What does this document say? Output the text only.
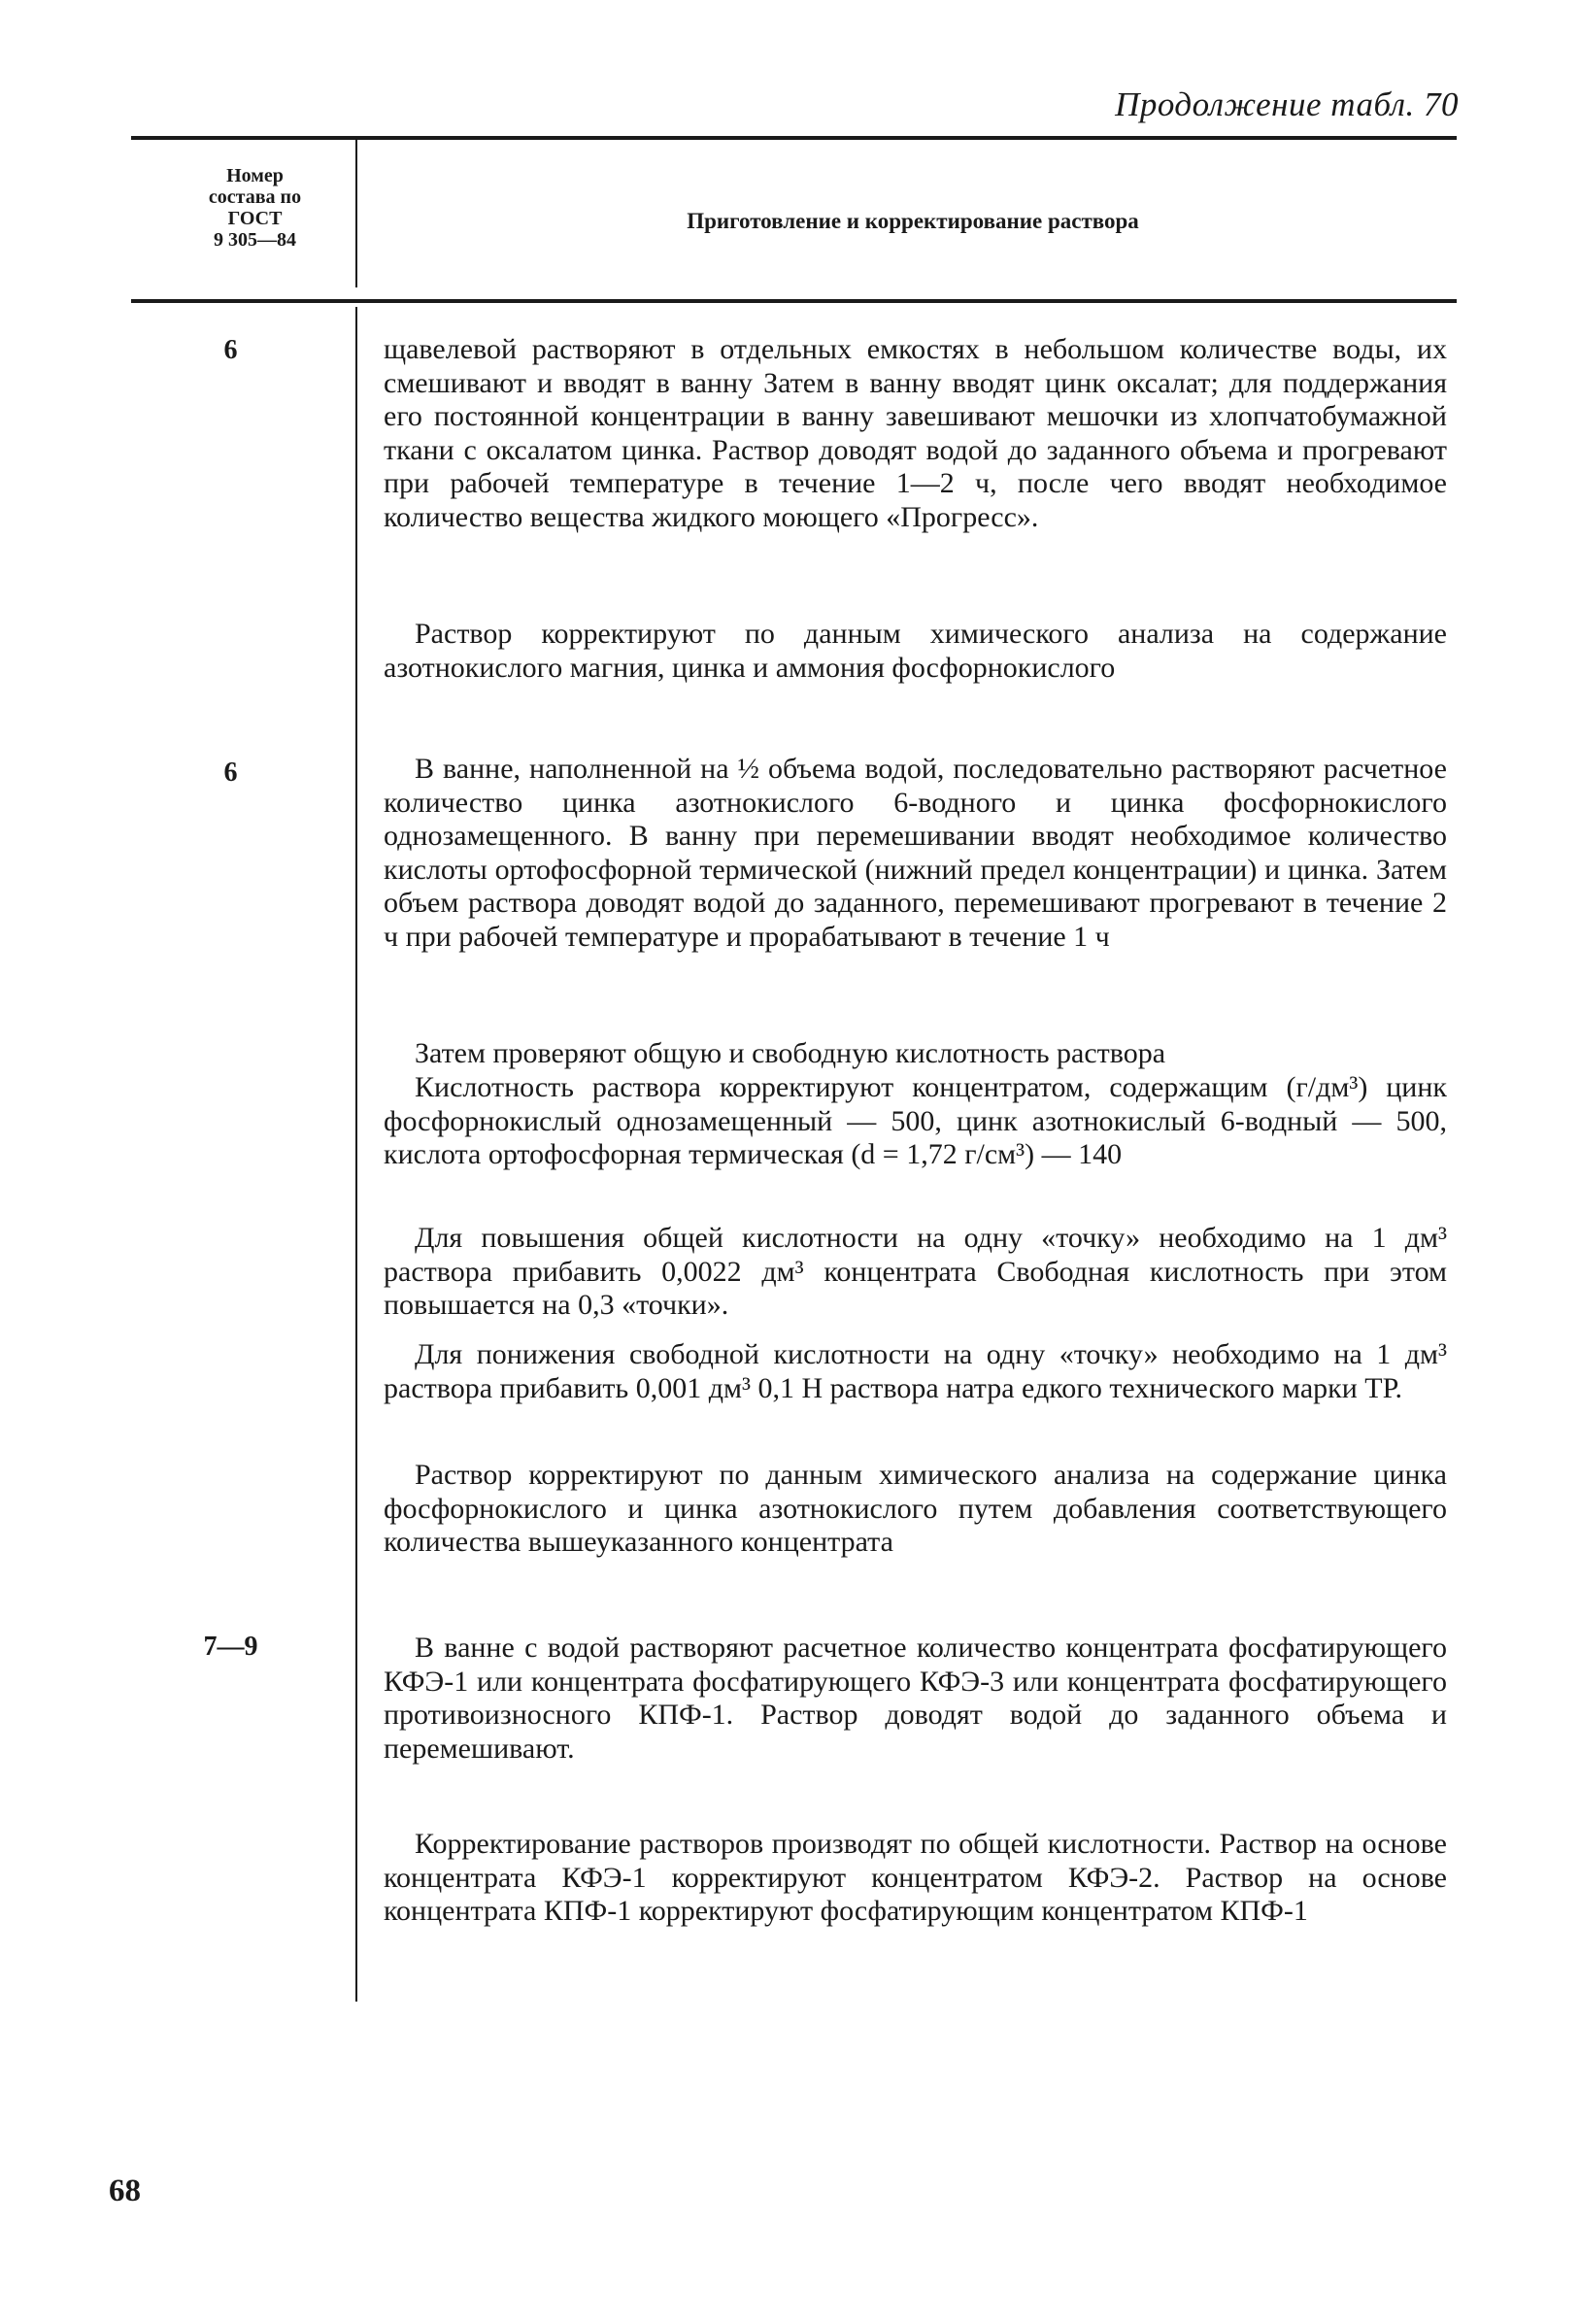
Продолжение табл. 70
Номер
состава по
ГОСТ
9 305—84
Приготовление и корректирование раствора
6	щавелевой растворяют в отдельных емкостях в небольшом количестве воды, их смешивают и вводят в ванну Затем в ванну вводят цинк оксалат; для поддержания его постоянной концентрации в ванну завешивают мешочки из хлопчатобумажной ткани с оксалатом цинка. Раствор доводят водой до заданного объема и прогревают при рабочей температуре в течение 1—2 ч, после чего вводят необходимое количество вещества жидкого моющего «Прогресс».

Раствор корректируют по данным химического анализа на содержание азотнокислого магния, цинка и аммония фосфорнокислого

6	В ванне, наполненной на ½ объема водой, последовательно растворяют расчетное количество цинка азотнокислого 6-водного и цинка фосфорнокислого однозамещенного. В ванну при перемешивании вводят необходимое количество кислоты ортофосфорной термической (нижний предел концентрации) и цинка. Затем объем раствора доводят водой до заданного, перемешивают прогревают в течение 2 ч при рабочей температуре и прорабатывают в течение 1 ч

Затем проверяют общую и свободную кислотность раствора

Кислотность раствора корректируют концентратом, содержащим (г/дм³) цинк фосфорнокислый однозамещенный — 500, цинк азотнокислый 6-водный — 500, кислота ортофосфорная термическая (d = 1,72 г/см³) — 140

Для повышения общей кислотности на одну «точку» необходимо на 1 дм³ раствора прибавить 0,0022 дм³ концентрата Свободная кислотность при этом повышается на 0,3 «точки».

Для понижения свободной кислотности на одну «точку» необходимо на 1 дм³ раствора прибавить 0,001 дм³ 0,1 Н раствора натра едкого технического марки ТР.

Раствор корректируют по данным химического анализа на содержание цинка фосфорнокислого и цинка азотнокислого путем добавления соответствующего количества вышеуказанного концентрата

7—9	В ванне с водой растворяют расчетное количество концентрата фосфатирующего КФЭ-1 или концентрата фосфатирующего КФЭ-3 или концентрата фосфатирующего противоизносного КПФ-1. Раствор доводят водой до заданного объема и перемешивают.

Корректирование растворов производят по общей кислотности. Раствор на основе концентрата КФЭ-1 корректируют концентратом КФЭ-2. Раствор на основе концентрата КПФ-1 корректируют фосфатирующим концентратом КПФ-1

68
